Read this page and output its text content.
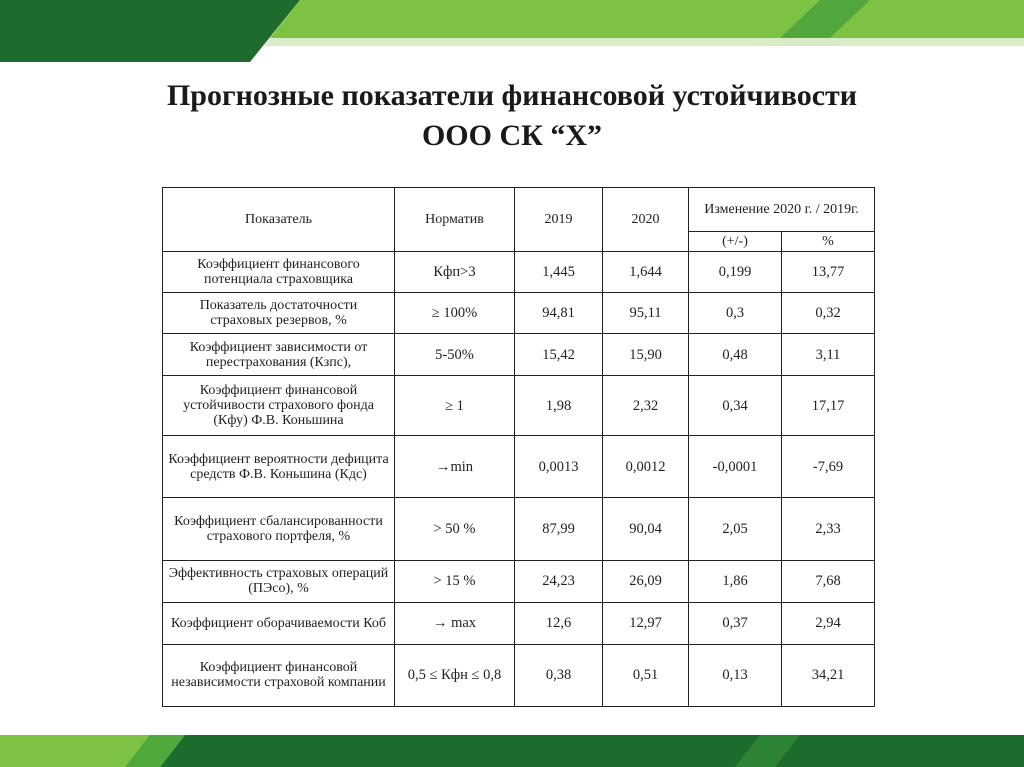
Прогнозные показатели финансовой устойчивости
ООО СК “Х”
Показатель	Норматив	2019	2020	Изменение 2020 г. / 2019г.	
				(+/-)	%
Коэффициент финансового потенциала страховщика	Кфп>3	1,445	1,644	0,199	13,77
Показатель достаточности страховых резервов, %	≥ 100%	94,81	95,11	0,3	0,32
Коэффициент зависимости от перестрахования (Кзпс),	5-50%	15,42	15,90	0,48	3,11
Коэффициент финансовой устойчивости страхового фонда (Кфу) Ф.В. Коньшина	≥ 1	1,98	2,32	0,34	17,17
Коэффициент вероятности дефицита средств Ф.В. Коньшина (Кдс)	→min	0,0013	0,0012	-0,0001	-7,69
Коэффициент сбалансированности страхового портфеля, %	> 50 %	87,99	90,04	2,05	2,33
Эффективность страховых операций (ПЭсо), %	> 15 %	24,23	26,09	1,86	7,68
Коэффициент оборачиваемости Коб	→ max	12,6	12,97	0,37	2,94
Коэффициент финансовой независимости страховой компании	0,5 ≤ Кфн ≤ 0,8	0,38	0,51	0,13	34,21
